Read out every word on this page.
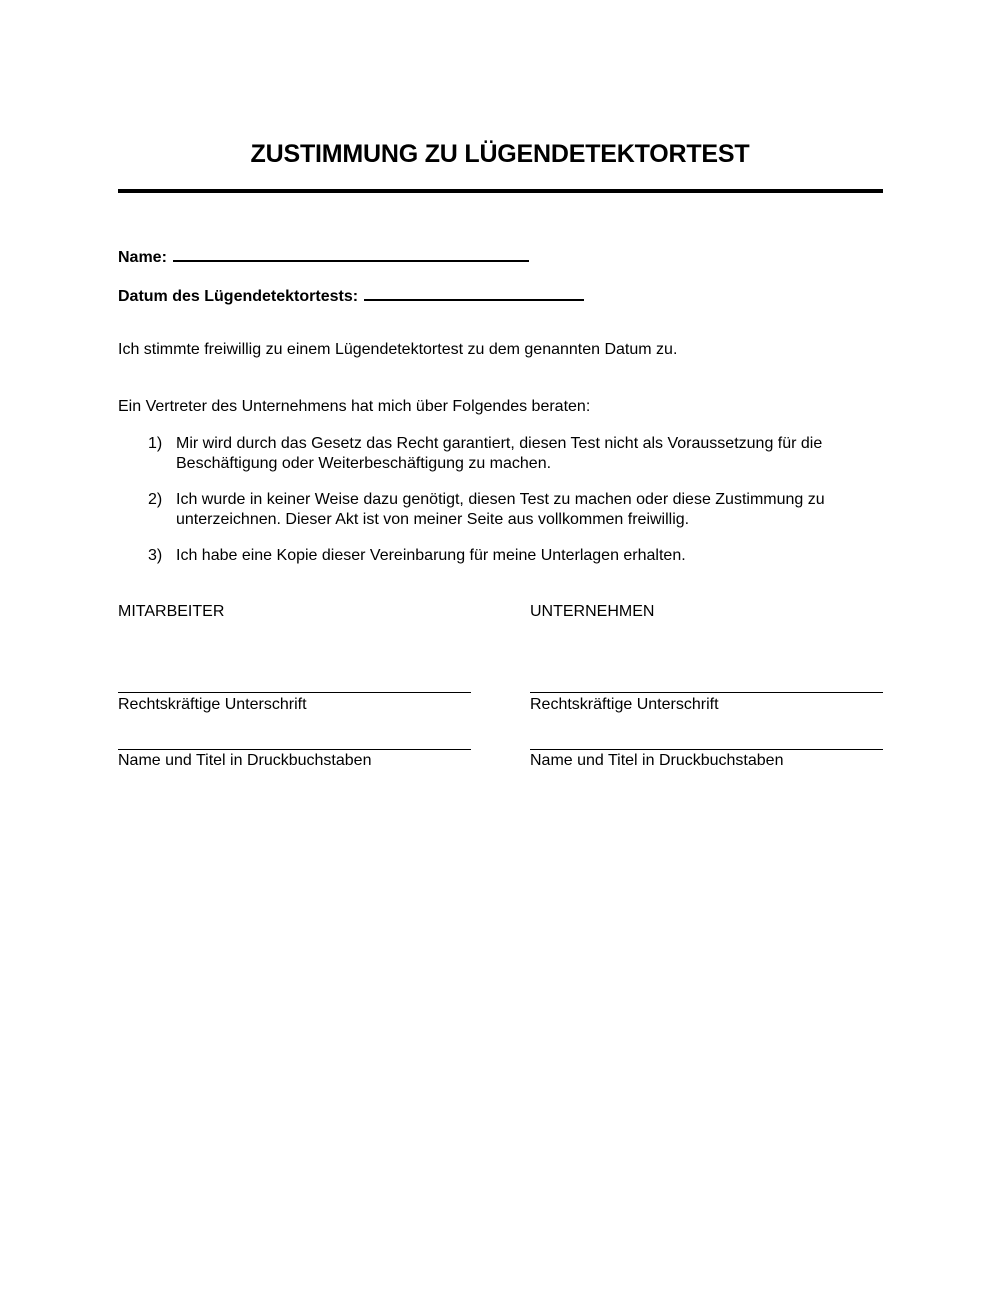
ZUSTIMMUNG ZU LÜGENDETEKTORTEST
Name:
Datum des Lügendetektortests:
Ich stimmte freiwillig zu einem Lügendetektortest zu dem genannten Datum zu.
Ein Vertreter des Unternehmens hat mich über Folgendes beraten:
1) Mir wird durch das Gesetz das Recht garantiert, diesen Test nicht als Voraussetzung für die Beschäftigung oder Weiterbeschäftigung zu machen.
2) Ich wurde in keiner Weise dazu genötigt, diesen Test zu machen oder diese Zustimmung zu unterzeichnen. Dieser Akt ist von meiner Seite aus vollkommen freiwillig.
3) Ich habe eine Kopie dieser Vereinbarung für meine Unterlagen erhalten.
MITARBEITER	UNTERNEHMEN
Rechtskräftige Unterschrift	Rechtskräftige Unterschrift
Name und Titel in Druckbuchstaben	Name und Titel in Druckbuchstaben
